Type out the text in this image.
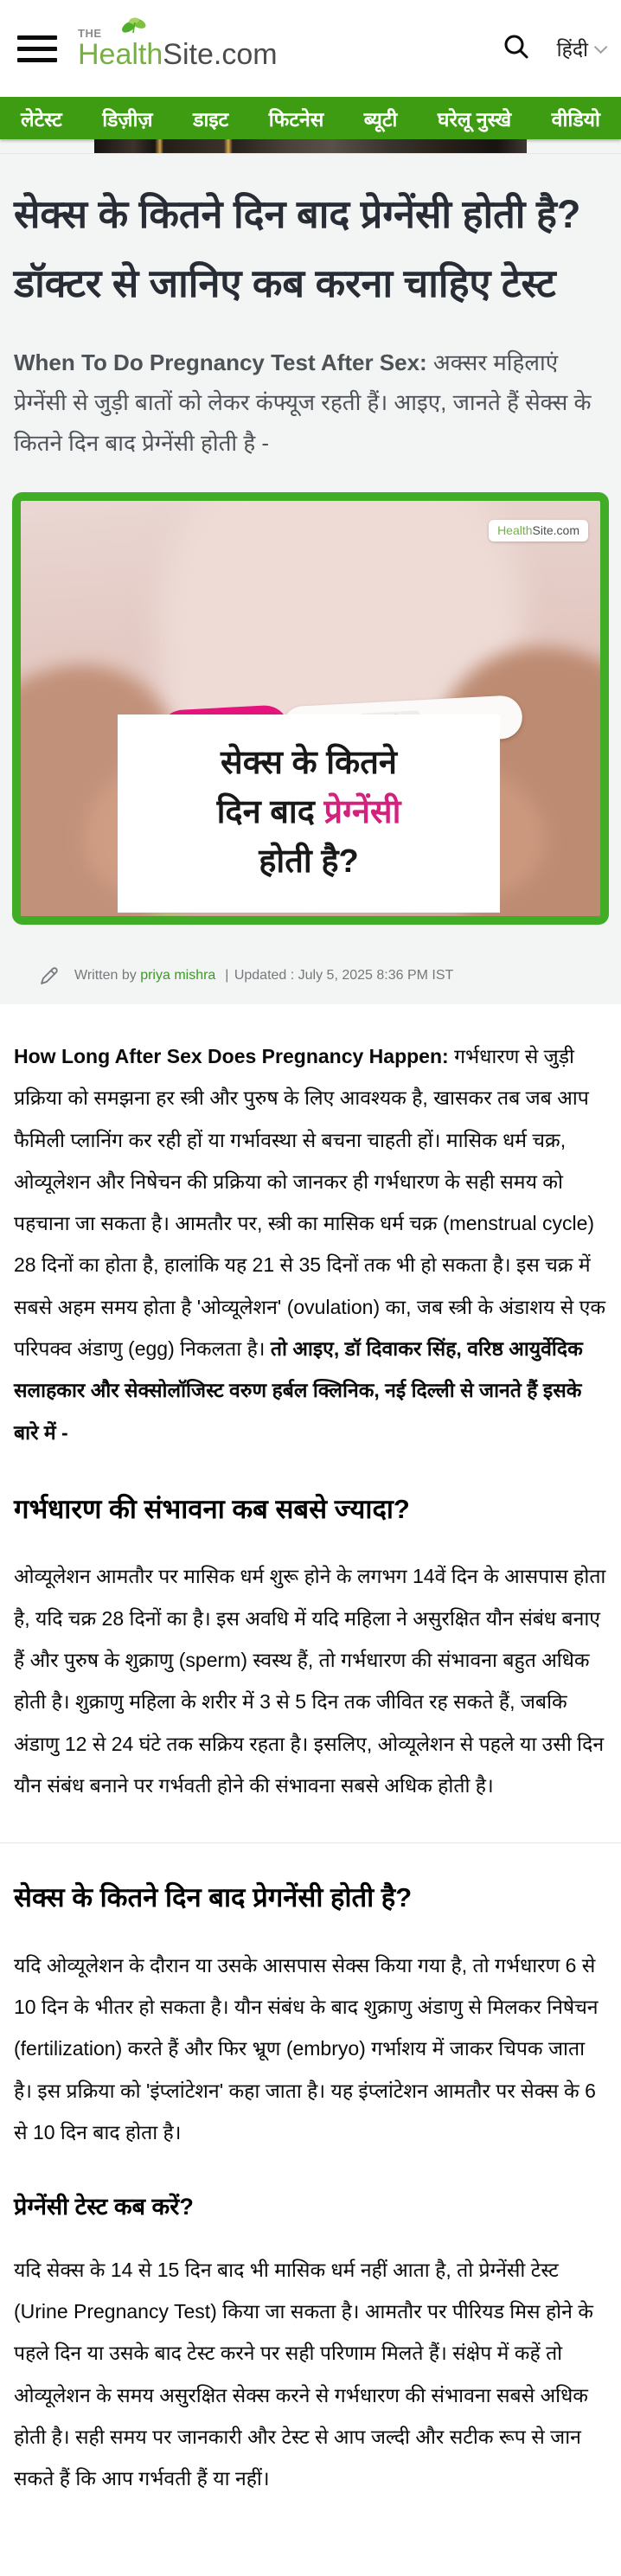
THE
HealthSite.com	हिंदी
लेटेस्ट डिज़ीज़ डाइट फिटनेस ब्यूटी घरेलू नुस्खे वीडियो
सेक्स के कितने दिन बाद प्रेग्नेंसी होती है? डॉक्टर से जानिए कब करना चाहिए टेस्ट

When To Do Pregnancy Test After Sex: अक्सर महिलाएं प्रेग्नेंसी से जुड़ी बातों को लेकर कंफ्यूज रहती हैं। आइए, जानते हैं सेक्स के कितने दिन बाद प्रेग्नेंसी होती है -

HealthSite.com
सेक्स के कितने
दिन बाद प्रेग्नेंसी
होती है?
Written by priya mishra | Updated : July 5, 2025 8:36 PM IST

How Long After Sex Does Pregnancy Happen: गर्भधारण से जुड़ी प्रक्रिया को समझना हर स्त्री और पुरुष के लिए आवश्यक है, खासकर तब जब आप फैमिली प्लानिंग कर रही हों या गर्भावस्था से बचना चाहती हों। मासिक धर्म चक्र, ओव्यूलेशन और निषेचन की प्रक्रिया को जानकर ही गर्भधारण के सही समय को पहचाना जा सकता है। आमतौर पर, स्त्री का मासिक धर्म चक्र (menstrual cycle) 28 दिनों का होता है, हालांकि यह 21 से 35 दिनों तक भी हो सकता है। इस चक्र में सबसे अहम समय होता है 'ओव्यूलेशन' (ovulation) का, जब स्त्री के अंडाशय से एक परिपक्व अंडाणु (egg) निकलता है। तो आइए, डॉ दिवाकर सिंह, वरिष्ठ आयुर्वेदिक सलाहकार और सेक्सोलॉजिस्ट वरुण हर्बल क्लिनिक, नई दिल्ली से जानते हैं इसके बारे में -

गर्भधारण की संभावना कब सबसे ज्यादा?

ओव्यूलेशन आमतौर पर मासिक धर्म शुरू होने के लगभग 14वें दिन के आसपास होता है, यदि चक्र 28 दिनों का है। इस अवधि में यदि महिला ने असुरक्षित यौन संबंध बनाए हैं और पुरुष के शुक्राणु (sperm) स्वस्थ हैं, तो गर्भधारण की संभावना बहुत अधिक होती है। शुक्राणु महिला के शरीर में 3 से 5 दिन तक जीवित रह सकते हैं, जबकि अंडाणु 12 से 24 घंटे तक सक्रिय रहता है। इसलिए, ओव्यूलेशन से पहले या उसी दिन यौन संबंध बनाने पर गर्भवती होने की संभावना सबसे अधिक होती है।

सेक्स के कितने दिन बाद प्रेगनेंसी होती है?

यदि ओव्यूलेशन के दौरान या उसके आसपास सेक्स किया गया है, तो गर्भधारण 6 से 10 दिन के भीतर हो सकता है। यौन संबंध के बाद शुक्राणु अंडाणु से मिलकर निषेचन (fertilization) करते हैं और फिर भ्रूण (embryo) गर्भाशय में जाकर चिपक जाता है। इस प्रक्रिया को 'इंप्लांटेशन' कहा जाता है। यह इंप्लांटेशन आमतौर पर सेक्स के 6 से 10 दिन बाद होता है।

प्रेग्नेंसी टेस्ट कब करें?

यदि सेक्स के 14 से 15 दिन बाद भी मासिक धर्म नहीं आता है, तो प्रेग्नेंसी टेस्ट (Urine Pregnancy Test) किया जा सकता है। आमतौर पर पीरियड मिस होने के पहले दिन या उसके बाद टेस्ट करने पर सही परिणाम मिलते हैं। संक्षेप में कहें तो ओव्यूलेशन के समय असुरक्षित सेक्स करने से गर्भधारण की संभावना सबसे अधिक होती है। सही समय पर जानकारी और टेस्ट से आप जल्दी और सटीक रूप से जान सकते हैं कि आप गर्भवती हैं या नहीं।
